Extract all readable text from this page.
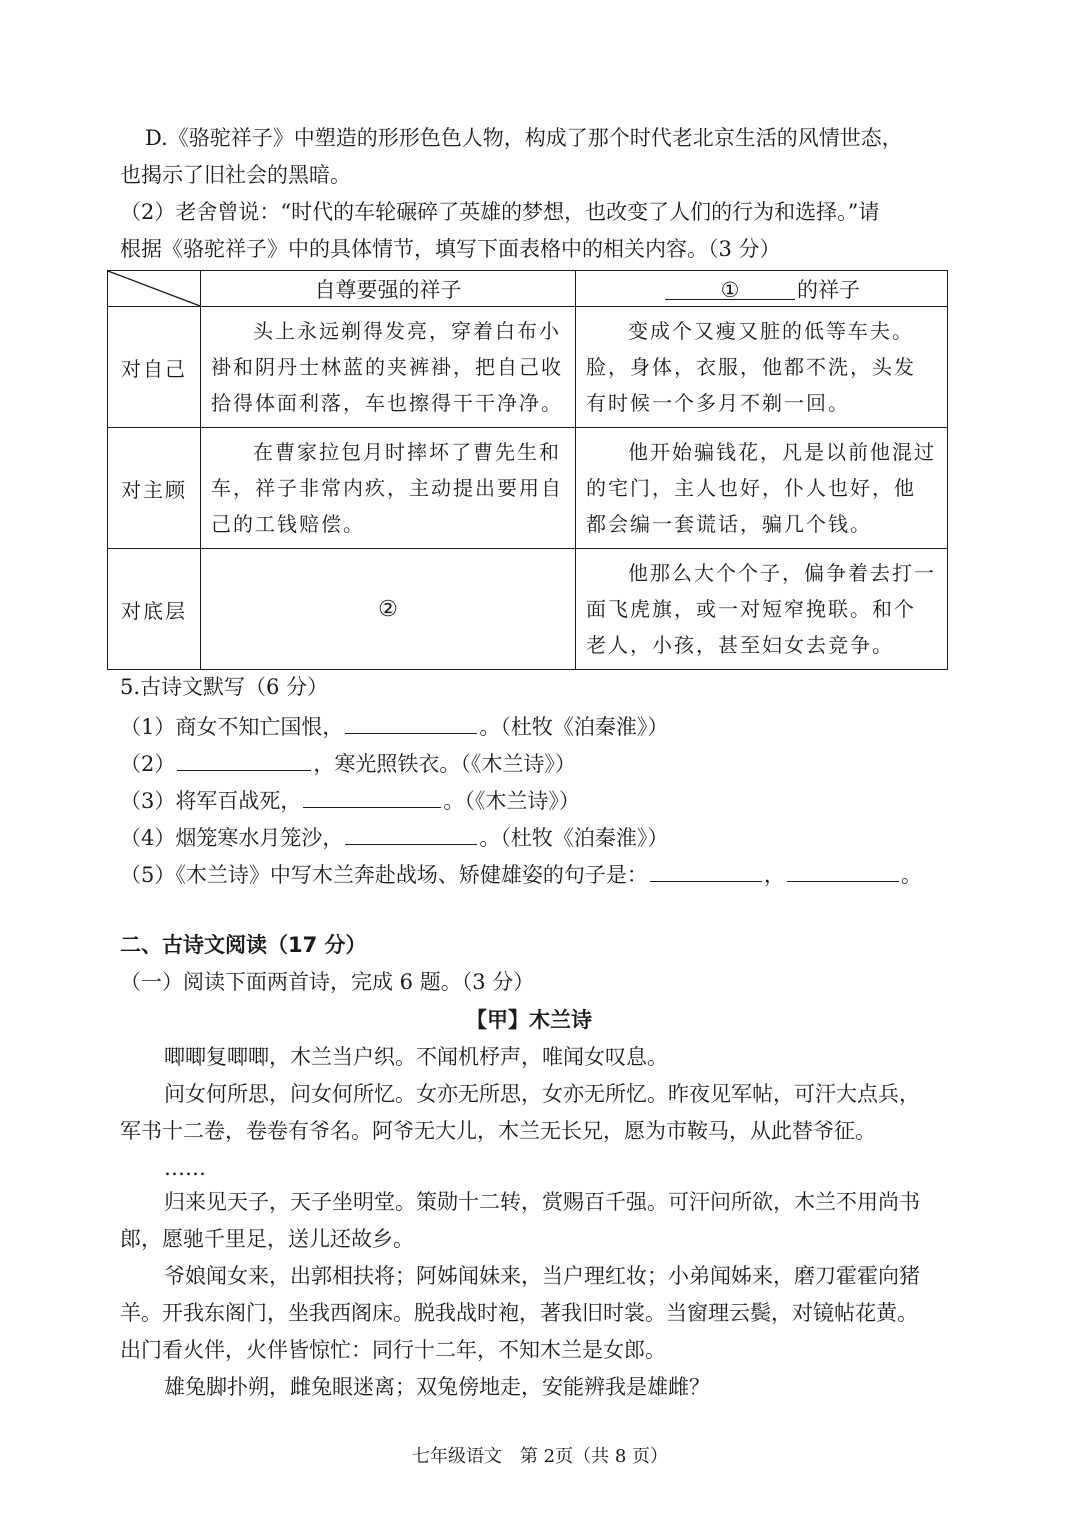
D.《骆驼祥子》中塑造的形形色色人物，构成了那个时代老北京生活的风情世态，
也揭示了旧社会的黑暗。
（2）老舍曾说：“时代的车轮碾碎了英雄的梦想，也改变了人们的行为和选择。”请
根据《骆驼祥子》中的具体情节，填写下面表格中的相关内容。（3 分）
	自尊要强的祥子	① 的祥子
对自己	头上永远剃得发亮，穿着白布小褂和阴丹士林蓝的夹裤褂，把自己收拾得体面利落，车也擦得干干净净。	变成个又瘦又脏的低等车夫。脸，身体，衣服，他都不洗，头发有时候一个多月不剃一回。
对主顾	在曹家拉包月时摔坏了曹先生和车，祥子非常内疚，主动提出要用自己的工钱赔偿。	他开始骗钱花，凡是以前他混过的宅门，主人也好，仆人也好，他都会编一套谎话，骗几个钱。
对底层	②	他那么大个个子，偏争着去打一面飞虎旗，或一对短窄挽联。和个老人，小孩，甚至妇女去竞争。
5.古诗文默写（6 分）
（1）商女不知亡国恨，	。（杜牧《泊秦淮》）
（2）	，寒光照铁衣。（《木兰诗》）
（3）将军百战死，	。（《木兰诗》）
（4）烟笼寒水月笼沙，	。（杜牧《泊秦淮》）
（5）《木兰诗》中写木兰奔赴战场、矫健雄姿的句子是：	，	。
二、古诗文阅读（17 分）
（一）阅读下面两首诗，完成 6 题。（3 分）
【甲】木兰诗
唧唧复唧唧，木兰当户织。不闻机杼声，唯闻女叹息。
问女何所思，问女何所忆。女亦无所思，女亦无所忆。昨夜见军帖，可汗大点兵，
军书十二卷，卷卷有爷名。阿爷无大儿，木兰无长兄，愿为市鞍马，从此替爷征。
……
归来见天子，天子坐明堂。策勋十二转，赏赐百千强。可汗问所欲，木兰不用尚书
郎，愿驰千里足，送儿还故乡。
爷娘闻女来，出郭相扶将；阿姊闻妹来，当户理红妆；小弟闻姊来，磨刀霍霍向猪
羊。开我东阁门，坐我西阁床。脱我战时袍，著我旧时裳。当窗理云鬓，对镜帖花黄。
出门看火伴，火伴皆惊忙：同行十二年，不知木兰是女郎。
雄兔脚扑朔，雌兔眼迷离；双兔傍地走，安能辨我是雄雌？
七年级语文　第 2页（共 8 页）
